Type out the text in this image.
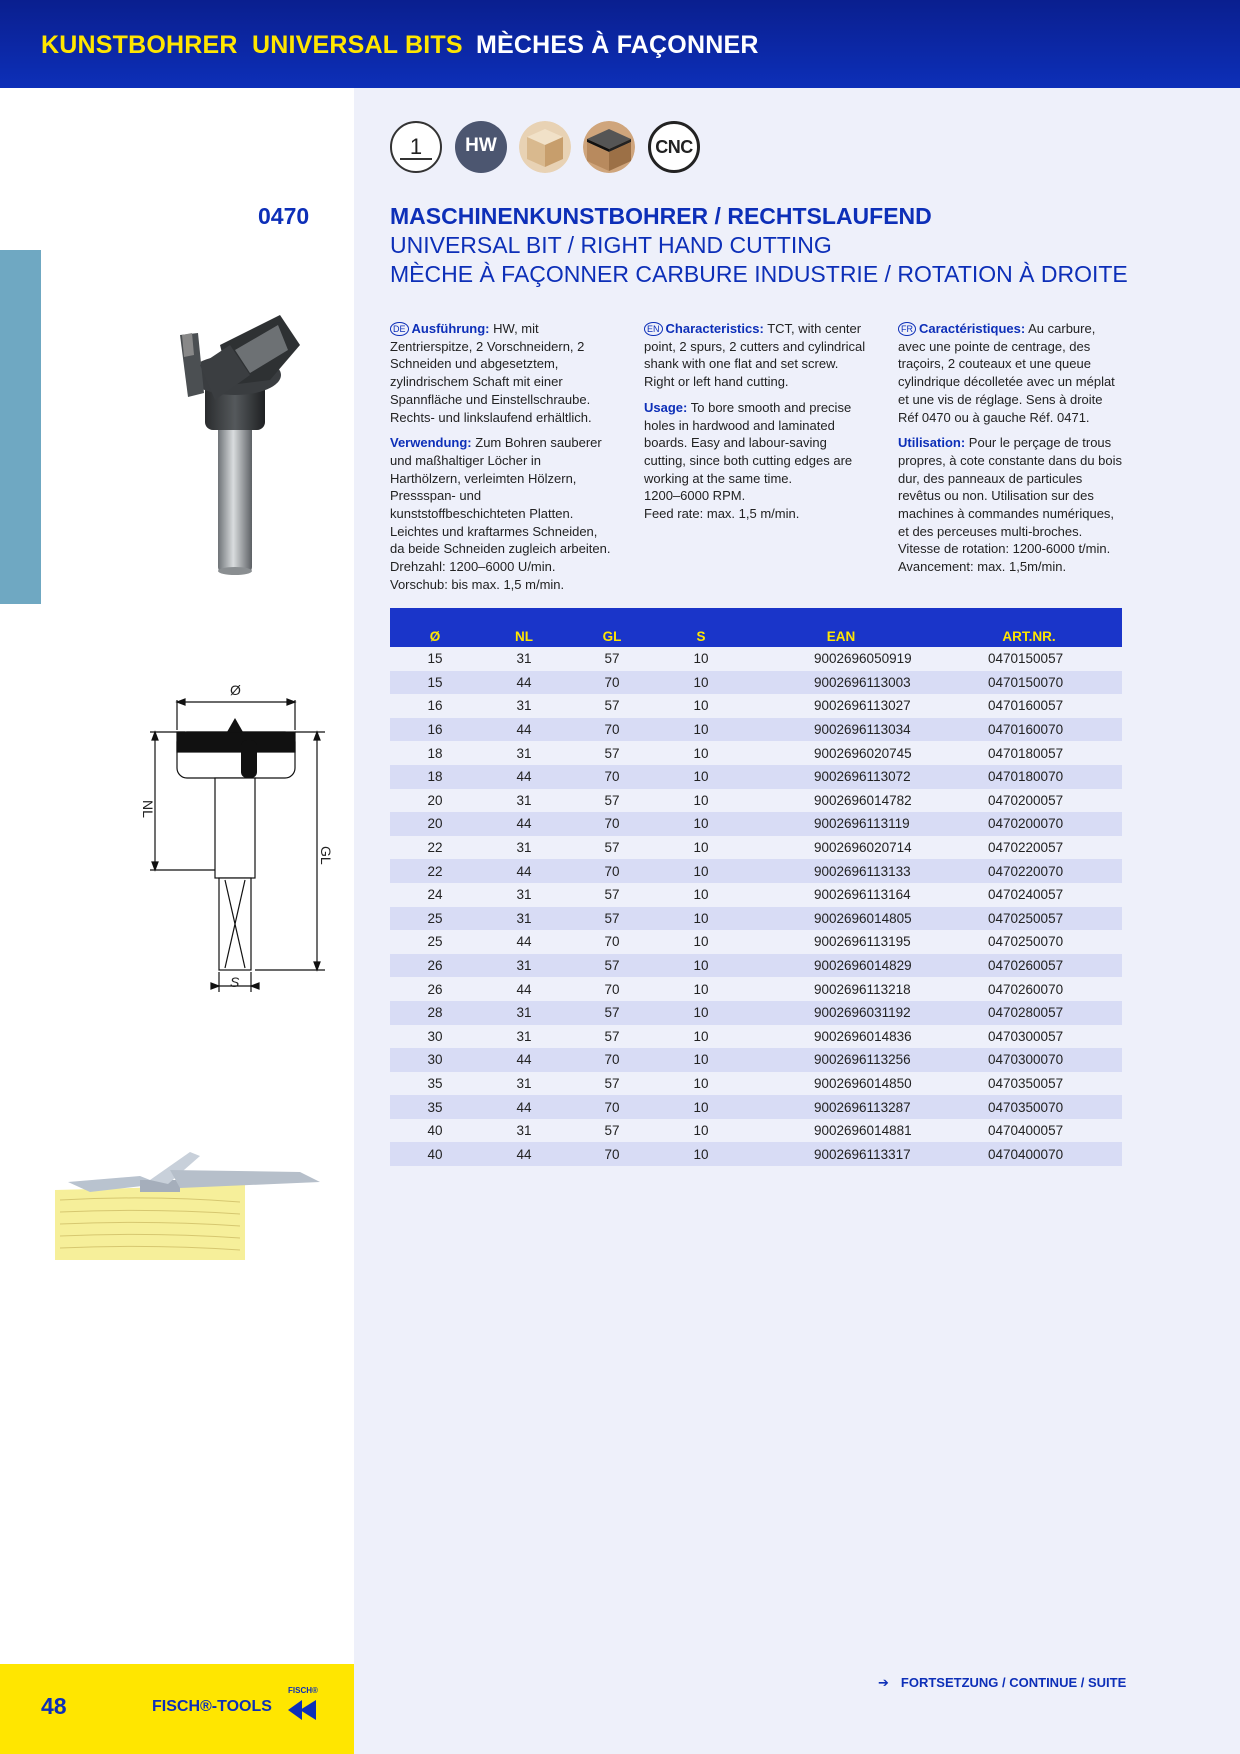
KUNSTBOHRER UNIVERSAL BITS MÈCHES À FAÇONNER
1	HW	CNC
0470	MASCHINENKUNSTBOHRER / RECHTSLAUFEND
UNIVERSAL BIT / RIGHT HAND CUTTING
MÈCHE À FAÇONNER CARBURE INDUSTRIE / ROTATION À DROITE

DE Ausführung: HW, mit Zentrierspitze, 2 Vorschneidern, 2 Schneiden und abgesetztem, zylindrischem Schaft mit einer Spannfläche und Einstellschraube. Rechts- und linkslaufend erhältlich.

Verwendung: Zum Bohren sauberer und maßhaltiger Löcher in Harthölzern, verleimten Hölzern, Pressspan- und kunststoffbeschichteten Platten. Leichtes und kraftarmes Schneiden, da beide Schneiden zugleich arbeiten.
Drehzahl: 1200–6000 U/min.
Vorschub: bis max. 1,5 m/min.

EN Characteristics: TCT, with center point, 2 spurs, 2 cutters and cylindrical shank with one flat and set screw. Right or left hand cutting.

Usage: To bore smooth and precise holes in hardwood and laminated boards. Easy and labour-saving cutting, since both cutting edges are working at the same time.
1200–6000 RPM.
Feed rate: max. 1,5 m/min.

FR Caractéristiques: Au carbure, avec une pointe de centrage, des traçoirs, 2 couteaux et une queue cylindrique décolletée avec un méplat et une vis de réglage. Sens à droite Réf 0470 ou à gauche Réf. 0471.

Utilisation: Pour le perçage de trous propres, à cote constante dans du bois dur, des panneaux de particules revêtus ou non. Utilisation sur des machines à commandes numériques, et des perceuses multi-broches.
Vitesse de rotation: 1200-6000 t/min.
Avancement: max. 1,5m/min.

Ø
NL
GL
S
Ø	NL	GL	S	EAN	ART.NR.
15	31	57	10	9002696050919	0470150057
15	44	70	10	9002696113003	0470150070
16	31	57	10	9002696113027	0470160057
16	44	70	10	9002696113034	0470160070
18	31	57	10	9002696020745	0470180057
18	44	70	10	9002696113072	0470180070
20	31	57	10	9002696014782	0470200057
20	44	70	10	9002696113119	0470200070
22	31	57	10	9002696020714	0470220057
22	44	70	10	9002696113133	0470220070
24	31	57	10	9002696113164	0470240057
25	31	57	10	9002696014805	0470250057
25	44	70	10	9002696113195	0470250070
26	31	57	10	9002696014829	0470260057
26	44	70	10	9002696113218	0470260070
28	31	57	10	9002696031192	0470280057
30	31	57	10	9002696014836	0470300057
30	44	70	10	9002696113256	0470300070
35	31	57	10	9002696014850	0470350057
35	44	70	10	9002696113287	0470350070
40	31	57	10	9002696014881	0470400057
40	44	70	10	9002696113317	0470400070
48	FISCH®-TOOLS
FISCH®
➔ FORTSETZUNG / CONTINUE / SUITE
